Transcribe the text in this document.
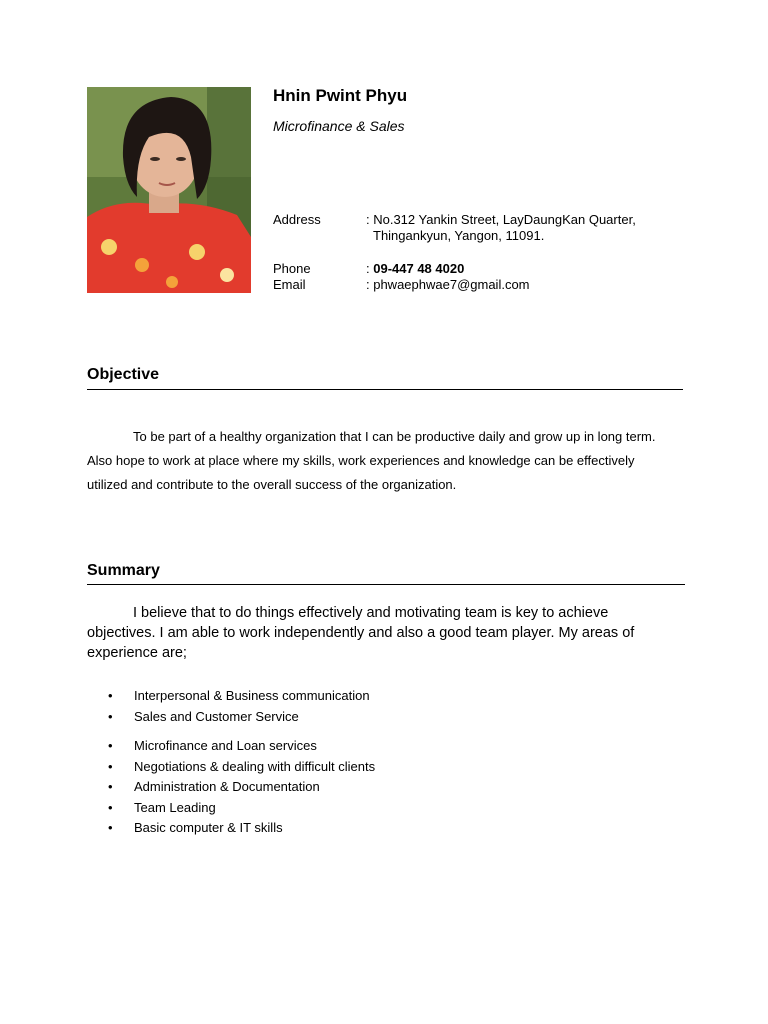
Hnin Pwint Phyu
Microfinance & Sales
Address	: No.312 Yankin Street, LayDaungKan Quarter,
Thingankyun, Yangon, 11091.
Phone	: 09-447 48 4020
Email	: phwaephwae7@gmail.com
Objective

To be part of a healthy organization that I can be productive daily and grow up in long term. Also hope to work at place where my skills, work experiences and knowledge can be effectively utilized and contribute to the overall success of the organization.

Summary

I believe that to do things effectively and motivating team is key to achieve objectives. I am able to work independently and also a good team player. My areas of experience are;

• Interpersonal & Business communication
• Sales and Customer Service
• Microfinance and Loan services
• Negotiations & dealing with difficult clients
• Administration & Documentation
• Team Leading
• Basic computer & IT skills
